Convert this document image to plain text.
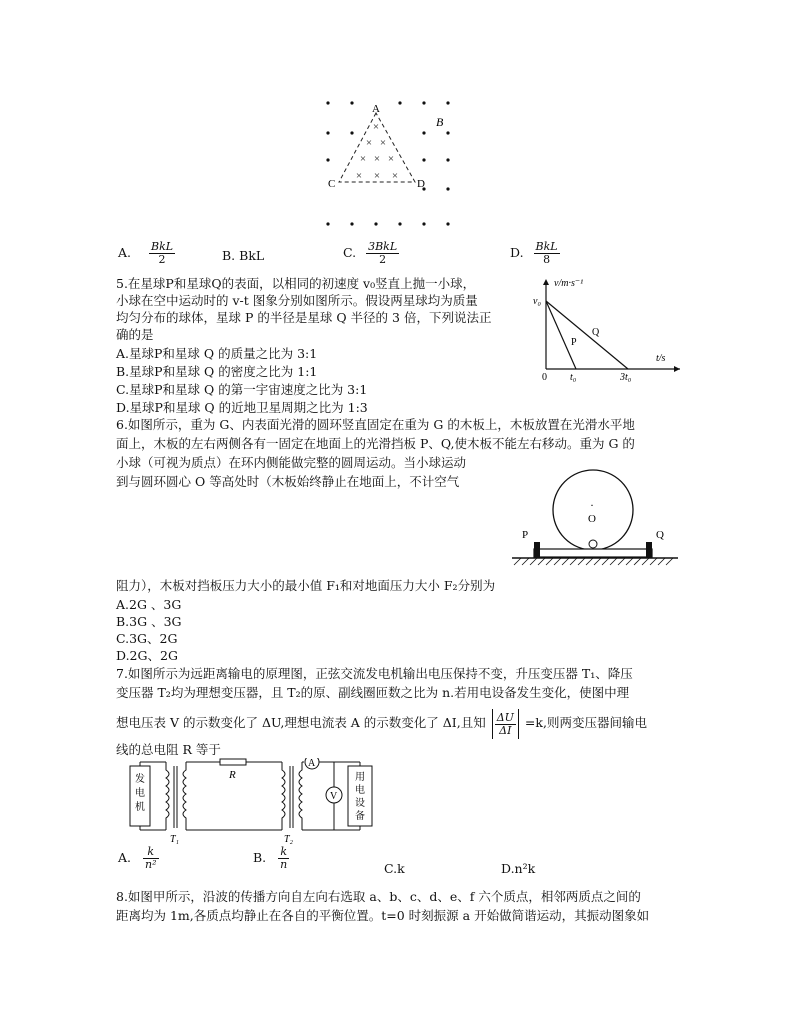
×
× ×
× × ×
× × ×
A
B
C	D
A. $\frac{\text{BkL}}{2}$	B. BkL	C. $\frac{\text{3BkL}}{2}$	D. $\frac{\text{BkL}}{8}$
5.在星球P和星球Q的表面，以相同的初速度 v₀竖直上抛一小球，
小球在空中运动时的 v-t 图象分别如图所示。假设两星球均为质量
均匀分布的球体，星球 P 的半径是星球 Q 半径的 3 倍，下列说法正
确的是
A.星球P和星球 Q 的质量之比为 3:1
B.星球P和星球 Q 的密度之比为 1:1
C.星球P和星球 Q 的第一宇宙速度之比为 3:1
D.星球P和星球 Q 的近地卫星周期之比为 1:3
v/m·s⁻¹
t/s
v₀
0 t₀	3t₀
P
Q
6.如图所示，重为 G、内表面光滑的圆环竖直固定在重为 G 的木板上，木板放置在光滑水平地
面上，木板的左右两侧各有一固定在地面上的光滑挡板 P、Q,使木板不能左右移动。重为 G 的
小球（可视为质点）在环内侧能做完整的圆周运动。当小球运动
到与圆环圆心 O 等高处时（木板始终静止在地面上，不计空气
·
O
P	Q
阻力），木板对挡板压力大小的最小值 F₁和对地面压力大小 F₂分别为
A.2G 、3G
B.3G 、3G
C.3G、2G
D.2G、2G
7.如图所示为远距离输电的原理图，正弦交流发电机输出电压保持不变，升压变压器 T₁、降压
变压器 T₂均为理想变压器，且 T₂的原、副线圈匝数之比为 n.若用电设备发生变化，使图中理
想电压表 V 的示数变化了 ΔU,理想电流表 A 的示数变化了 ΔI,且知 $\frac{\Delta U}{\Delta I} =k$,则两变压器间输电
线的总电阻 R 等于
发
电
机
R
A
V
用
电
设
备
T₁	T₂
A. $\frac{k}{\text{n²}}$	B. $\frac{k}{n}$	C.k	D.n²k
8.如图甲所示，沿波的传播方向自左向右选取 a、b、c、d、e、f 六个质点，相邻两质点之间的
距离均为 1m,各质点均静止在各自的平衡位置。t=0 时刻振源 a 开始做简谐运动，其振动图象如
